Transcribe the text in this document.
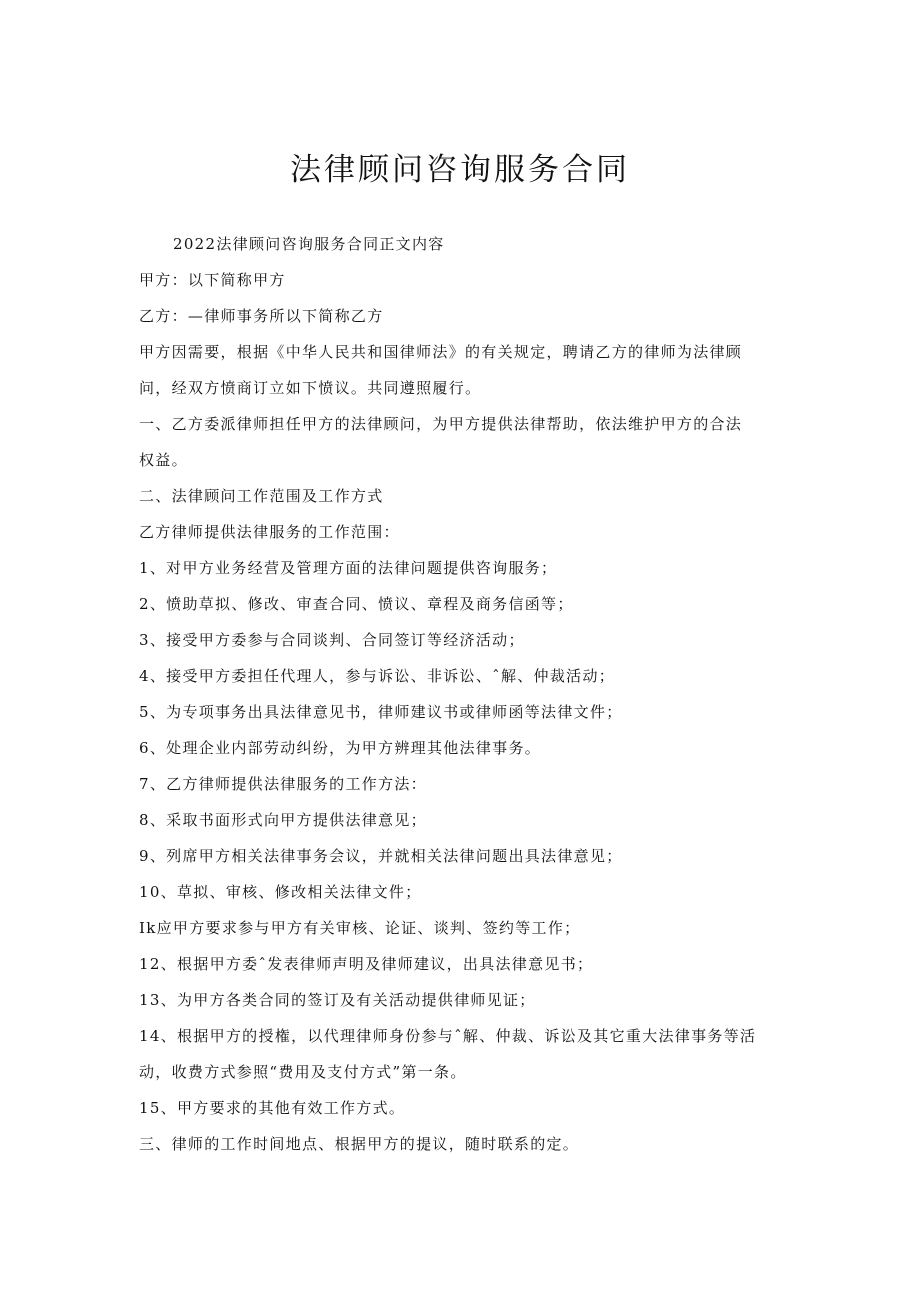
法律顾问咨询服务合同
2022法律顾问咨询服务合同正文内容
甲方：以下简称甲方
乙方：—律师事务所以下简称乙方
甲方因需要，根据《中华人民共和国律师法》的有关规定，聘请乙方的律师为法律顾
问，经双方愤商订立如下愤议。共同遵照履行。
一、乙方委派律师担任甲方的法律顾问，为甲方提供法律帮助，依法维护甲方的合法
权益。
二、法律顾问工作范围及工作方式
乙方律师提供法律服务的工作范围：
1、对甲方业务经营及管理方面的法律问题提供咨询服务；
2、愤助草拟、修改、审查合同、愤议、章程及商务信函等；
3、接受甲方委参与合同谈判、合同签订等经济活动；
4、接受甲方委担任代理人，参与诉讼、非诉讼、ˆ解、仲裁活动；
5、为专项事务出具法律意见书，律师建议书或律师函等法律文件；
6、处理企业内部劳动纠纷，为甲方辨理其他法律事务。
7、乙方律师提供法律服务的工作方法：
8、采取书面形式向甲方提供法律意见；
9、列席甲方相关法律事务会议，并就相关法律问题出具法律意见；
10、草拟、审核、修改相关法律文件；
Ik应甲方要求参与甲方有关审核、论证、谈判、签约等工作；
12、根据甲方委ˆ发表律师声明及律师建议，出具法律意见书；
13、为甲方各类合同的签订及有关活动提供律师见证；
14、根据甲方的授権，以代理律师身份参与ˆ解、仲裁、诉讼及其它重大法律事务等活
动，收费方式参照“费用及支付方式”第一条。
15、甲方要求的其他有效工作方式。
三、律师的工作时间地点、根据甲方的提议，随时联系的定。
